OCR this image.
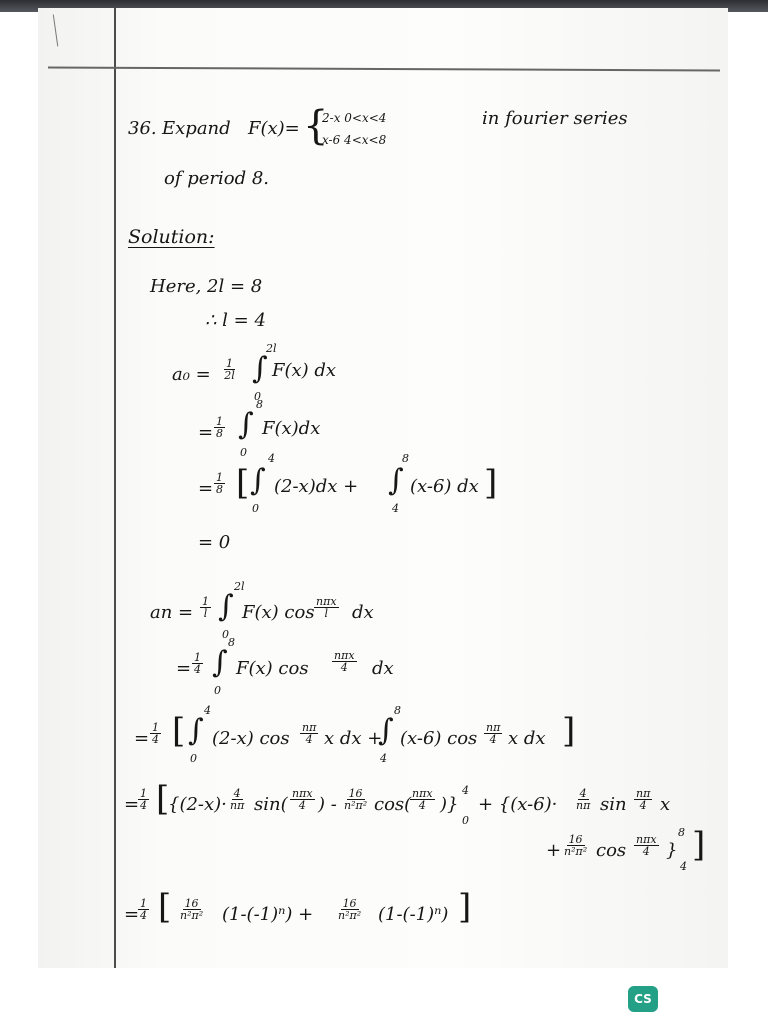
36. Expand F(x)= {
2-x 0<x<4
x-6 4<x<8
in fourier series
of period 8.
Solution:
Here, 2l = 8
∴ l = 4
$a_0 = \frac{1}{2l}$ ∫
2l
0
F(x) dx
= $\frac{1}{8}$ ∫
8
0
F(x)dx
= $\frac{1}{8}$ [ ∫
4
0
(2-x)dx + ∫
8
4
(x-6) dx ]
= 0
an = $\frac{1}{l}$ ∫
2l
0
F(x) cos
nπx
l dx
= $\frac{1}{4}$ ∫
8
0
F(x) cos
nπx
4 dx
= $\frac{1}{4}$ [ ∫
4
0
(2-x) $\cos \frac{n\pi}{4}$ x dx +
∫
8
4
(x-6) $\cos \frac{n\pi}{4}$ x dx ]
=
$\frac{1}{4}$ [
{$(2-x)\cdot \frac{4}{n\pi} \sin$(
nπx
4 ) - $\frac{16}{\text{n²π²}} \cos$(
nπx
4 )}
4
0
+ {$(x-6)\cdot \frac{4}{n\pi}$ $\sin \frac{n\pi}{4}$ x
+ $\frac{16}{\text{n²π²}}$ cos
nπx
4 }
8
4
]
=
$\frac{1}{4}$ [ $\frac{16}{\text{n²π²}} (1-(-1)^n) + \frac{16}{\text{n²π²}} (1-(-1)^n)$ ]
CS
